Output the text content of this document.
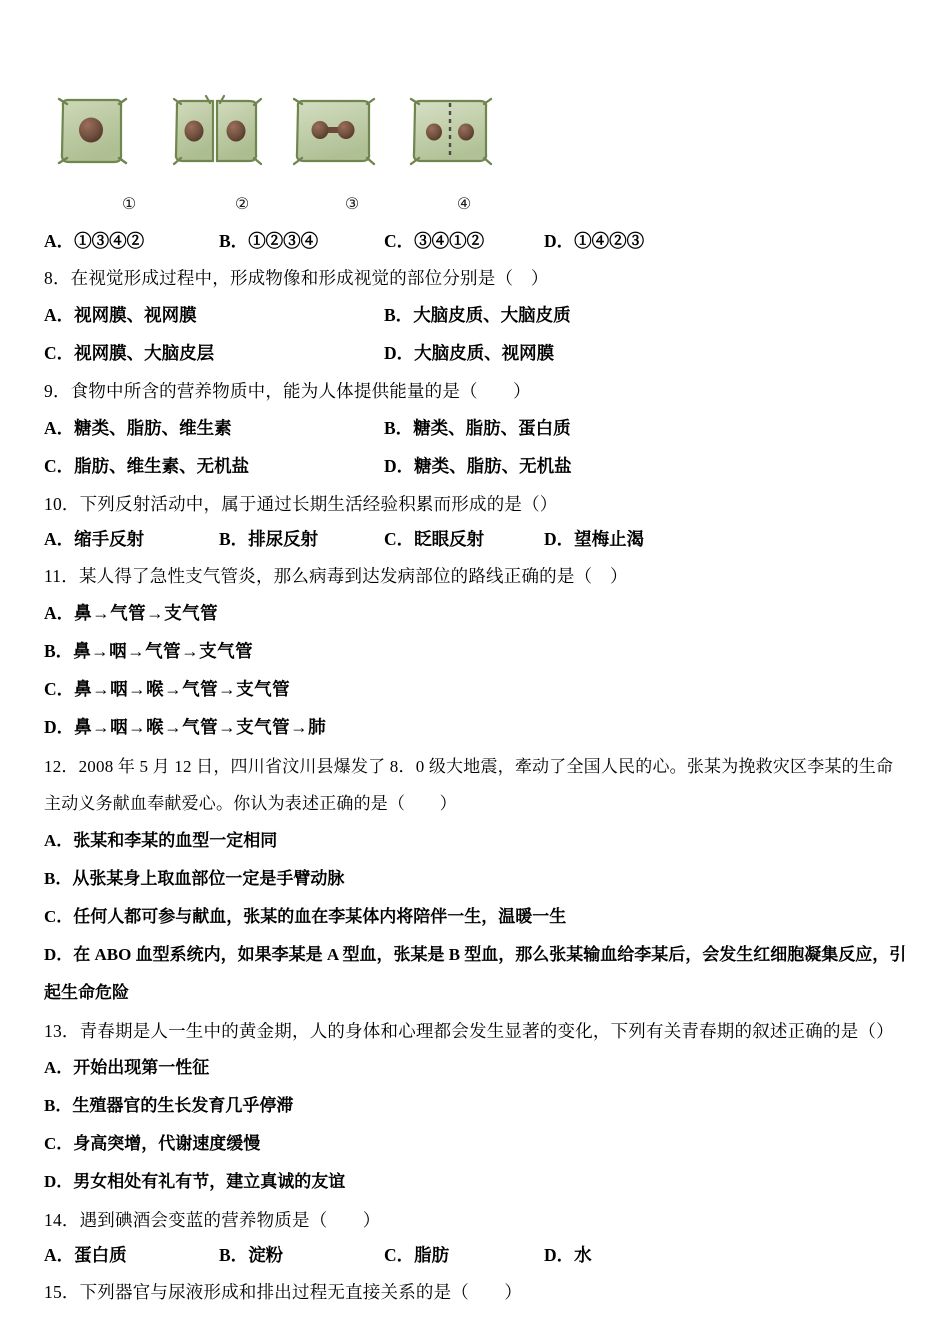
①	②	③	④
A．①③④②	B．①②③④	C．③④①②	D．①④②③
8．在视觉形成过程中，形成物像和形成视觉的部位分别是（　）
A．视网膜、视网膜	B．大脑皮质、大脑皮质
C．视网膜、大脑皮层	D．大脑皮质、视网膜
9．食物中所含的营养物质中，能为人体提供能量的是（　　）
A．糖类、脂肪、维生素	B．糖类、脂肪、蛋白质
C．脂肪、维生素、无机盐	D．糖类、脂肪、无机盐
10．下列反射活动中，属于通过长期生活经验积累而形成的是（）
A．缩手反射	B．排尿反射	C．眨眼反射	D．望梅止渴
11．某人得了急性支气管炎，那么病毒到达发病部位的路线正确的是（　）
A．鼻→气管→支气管
B．鼻→咽→气管→支气管
C．鼻→咽→喉→气管→支气管
D．鼻→咽→喉→气管→支气管→肺
12．2008 年 5 月 12 日，四川省汶川县爆发了 8．0 级大地震，牽动了全国人民的心。张某为挽救灾区李某的生命主动义务献血奉献爱心。你认为表述正确的是（　　）
A．张某和李某的血型一定相同
B．从张某身上取血部位一定是手臂动脉
C．任何人都可参与献血，张某的血在李某体内将陪伴一生，温暖一生
D．在 ABO 血型系统内，如果李某是 A 型血，张某是 B 型血，那么张某输血给李某后，会发生红细胞凝集反应，引起生命危险
13．青春期是人一生中的黄金期，人的身体和心理都会发生显著的变化，下列有关青春期的叙述正确的是（）
A．开始出现第一性征
B．生殖器官的生长发育几乎停滞
C．身高突增，代谢速度缓慢
D．男女相处有礼有节，建立真诚的友谊
14．遇到碘酒会变蓝的营养物质是（　　）
A．蛋白质	B．淀粉	C．脂肪	D．水
15．下列器官与尿液形成和排出过程无直接关系的是（　　）
